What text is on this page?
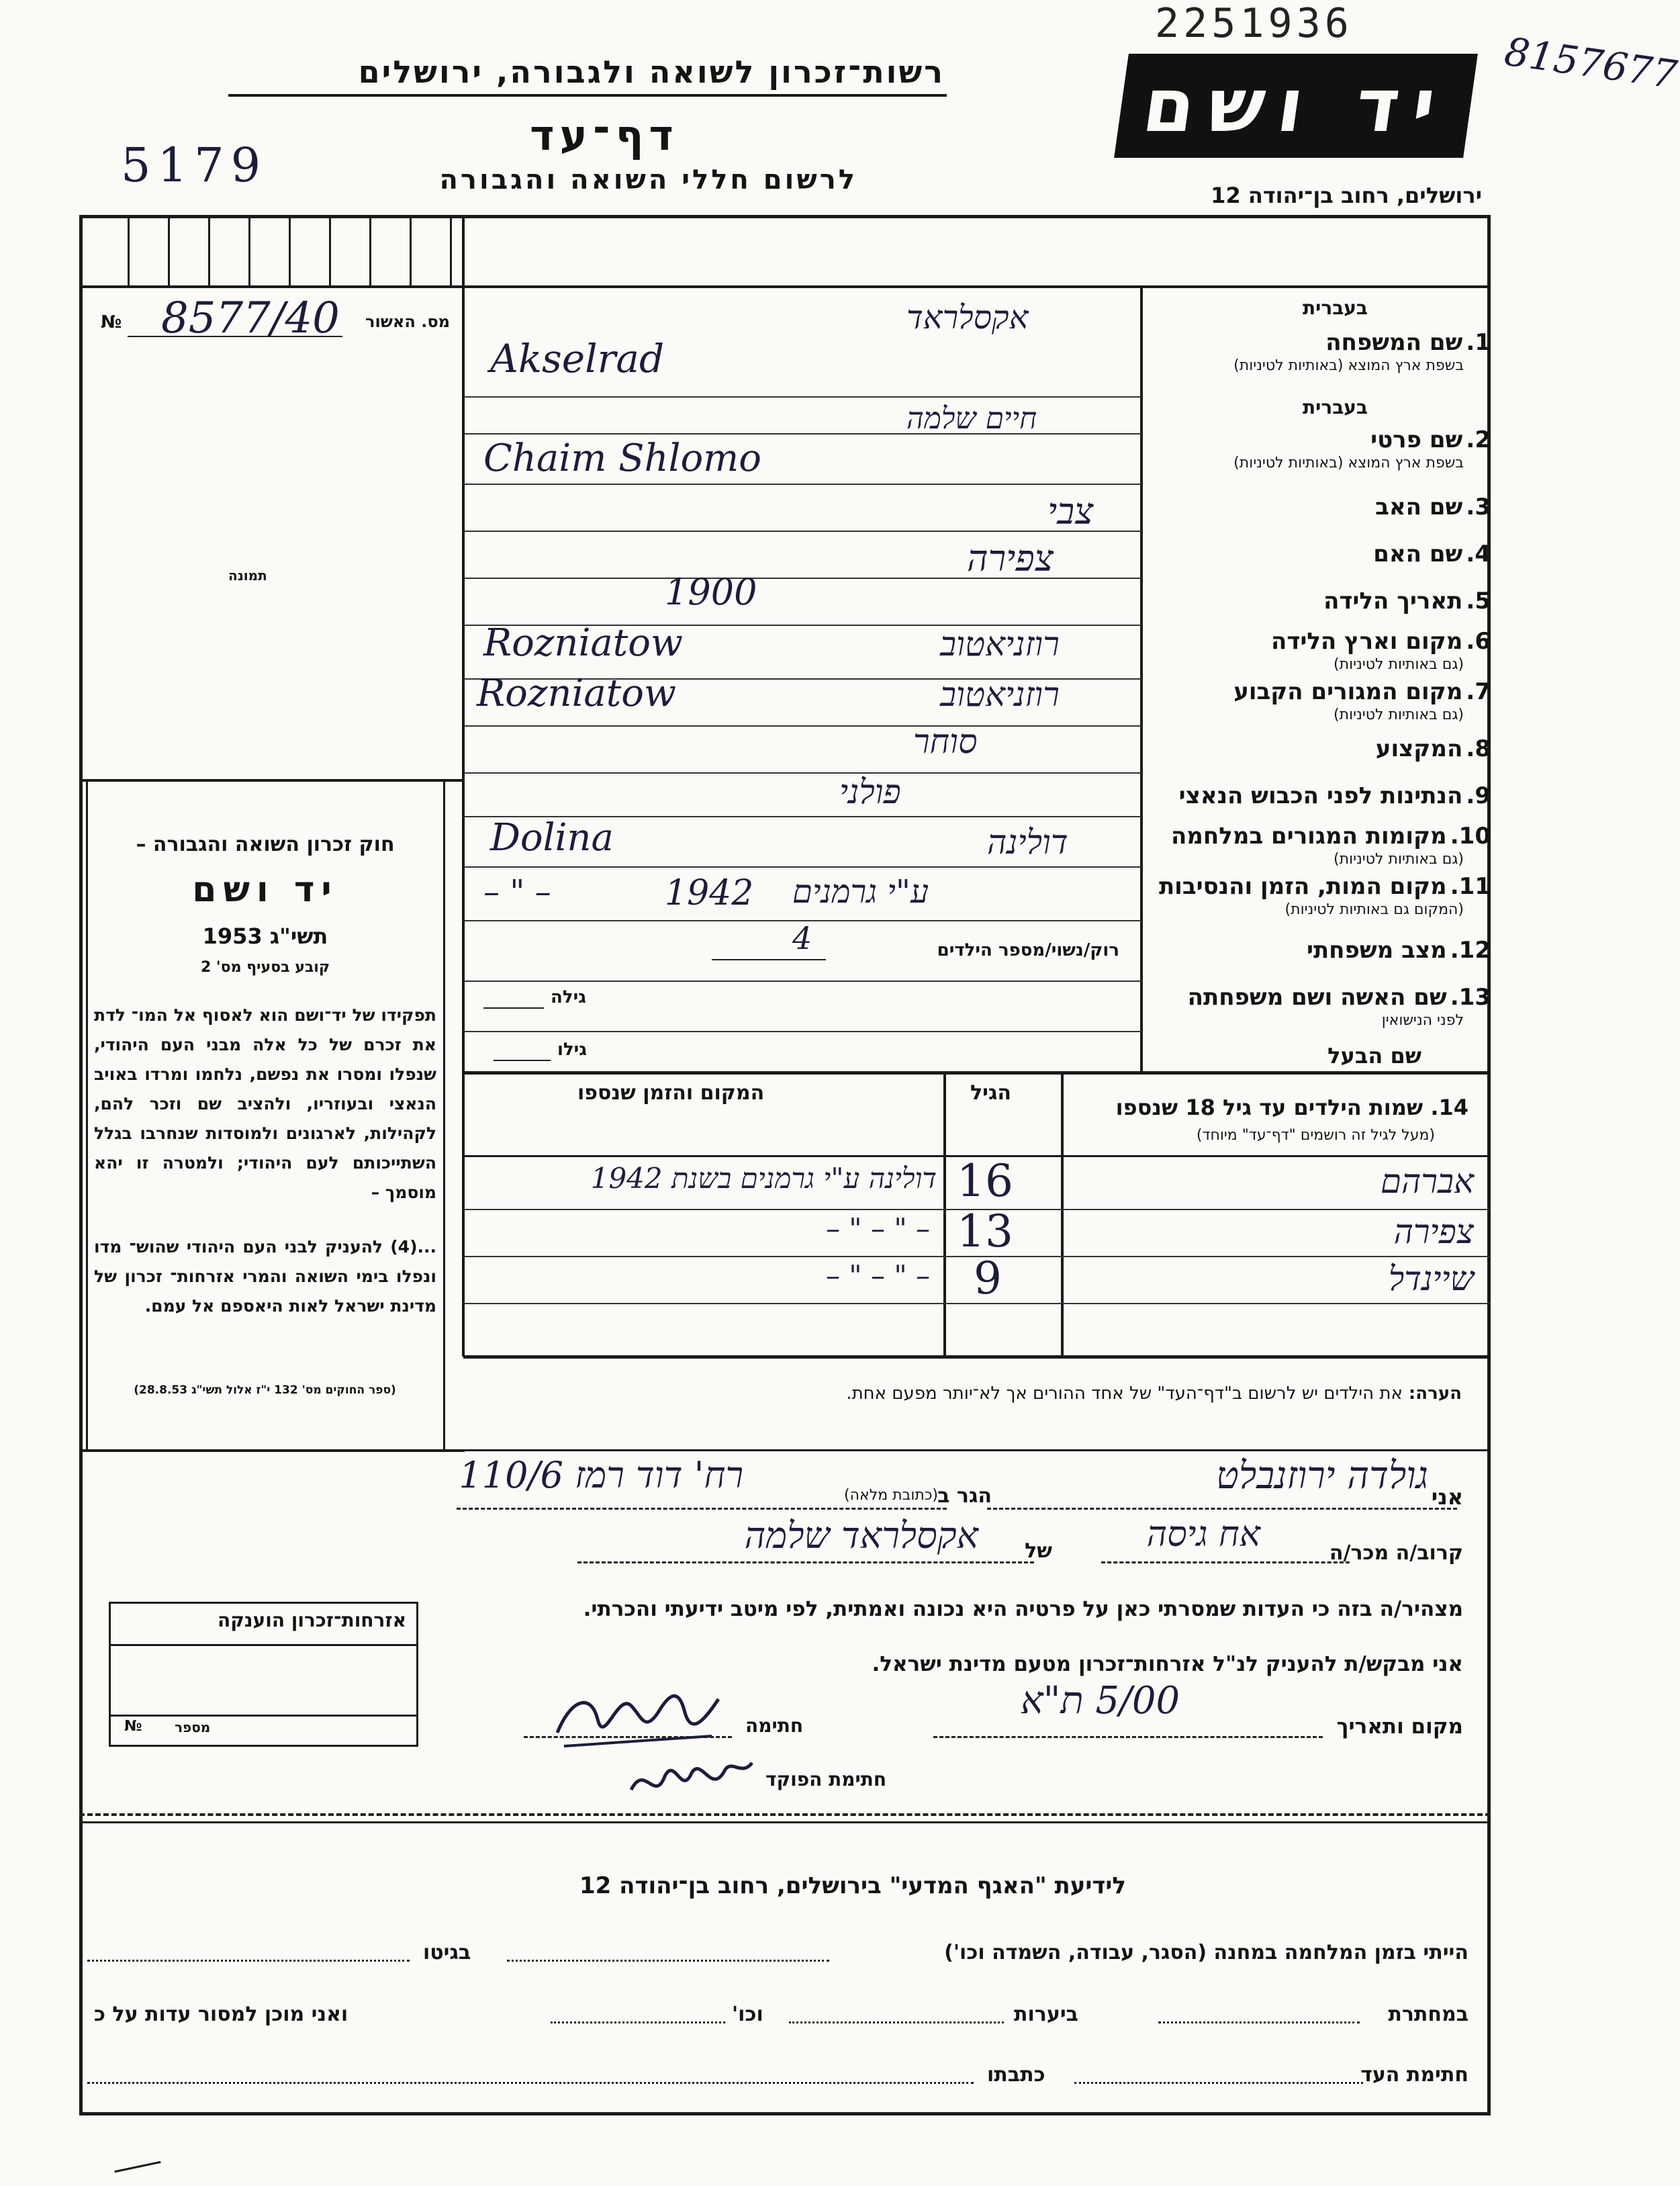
2251936
8157677
רשות־זכרון לשואה ולגבורה, ירושלים
דף־עד
5179	לרשום חללי השואה והגבורה
יד ושם
ירושלים, רחוב בן־יהודה 12
מס. האשור
№ 8577/40
תמונה
חוק זכרון השואה והגבורה –
יד ושם
תשי"ג 1953
קובע בסעיף מס' 2
תפקידו של יד־ושם הוא לאסוף אל המו־ לדת את זכרם של כל אלה מבני העם היהודי, שנפלו ומסרו את נפשם, נלחמו ומרדו באויב הנאצי ובעוזריו, ולהציב שם וזכר להם, לקהילות, לארגונים ולמוסדות שנחרבו בגלל השתייכותם לעם היהודי; ולמטרה זו יהא מוסמך –
...(4) להעניק לבני העם היהודי שהוש־ מדו ונפלו בימי השואה והמרי אזרחות־ זכרון של מדינת ישראל לאות היאספם אל עמם.
(ספר החוקים מס' 132 י"ז אלול תשי"ג 28.8.53)
אזרחות־זכרון הוענקה
מספר
№
בעברית
1. שם המשפחה
בשפת ארץ המוצא (באותיות לטיניות)
אקסלראד
Akselrad
בעברית
2. שם פרטי
בשפת ארץ המוצא (באותיות לטיניות)
חיים שלמה
Chaim Shlomo
3. שם האב
צבי
4. שם האם
צפירה
5. תאריך הלידה
1900
6. מקום וארץ הלידה
(גם באותיות לטיניות)
רוזניאטוב
Rozniatow
7. מקום המגורים הקבוע
(גם באותיות לטיניות)
רוזניאטוב
Rozniatow
8. המקצוע
סוחר
9. הנתינות לפני הכבוש הנאצי
פולני
10. מקומות המגורים במלחמה
(גם באותיות לטיניות)
דולינה
Dolina
11. מקום המות, הזמן והנסיבות
(המקום גם באותיות לטיניות)
ע"י גרמנים
1942
– " –
12. מצב משפחתי
רוק/נשוי/מספר הילדים
4
13. שם האשה ושם משפחתה
לפני הנישואין
גילה
גילו	שם הבעל
14. שמות הילדים עד גיל 18 שנספו
(מעל לגיל זה רושמים "דף־עד" מיוחד)
הגיל
המקום והזמן שנספו
אברהם
16
דולינה ע"י גרמנים בשנת 1942
צפירה
13
– " – " –
שיינדל
9
– " – " –
הערה: את הילדים יש לרשום ב"דף־העד" של אחד ההורים אך לא־יותר מפעם אחת.
אני
גולדה ירוזנבלט
הגר ב
(כתובת מלאה)
רח' דוד רמז 110/6
קרוב/ה מכר/ה
אח גיסה
של
אקסלראד שלמה
מצהיר/ה בזה כי העדות שמסרתי כאן על פרטיה היא נכונה ואמתית, לפי מיטב ידיעתי והכרתי.
אני מבקש/ת להעניק לנ"ל אזרחות־זכרון מטעם מדינת ישראל.
מקום ותאריך
5/00 ת"א
חתימה
חתימת הפוקד
לידיעת "האגף המדעי" בירושלים, רחוב בן־יהודה 12
הייתי בזמן המלחמה במחנה (הסגר, עבודה, השמדה וכו')
בגיטו
במחתרת
ביערות
וכו'
ואני מוכן למסור עדות על כ
חתימת העד
כתבתו
